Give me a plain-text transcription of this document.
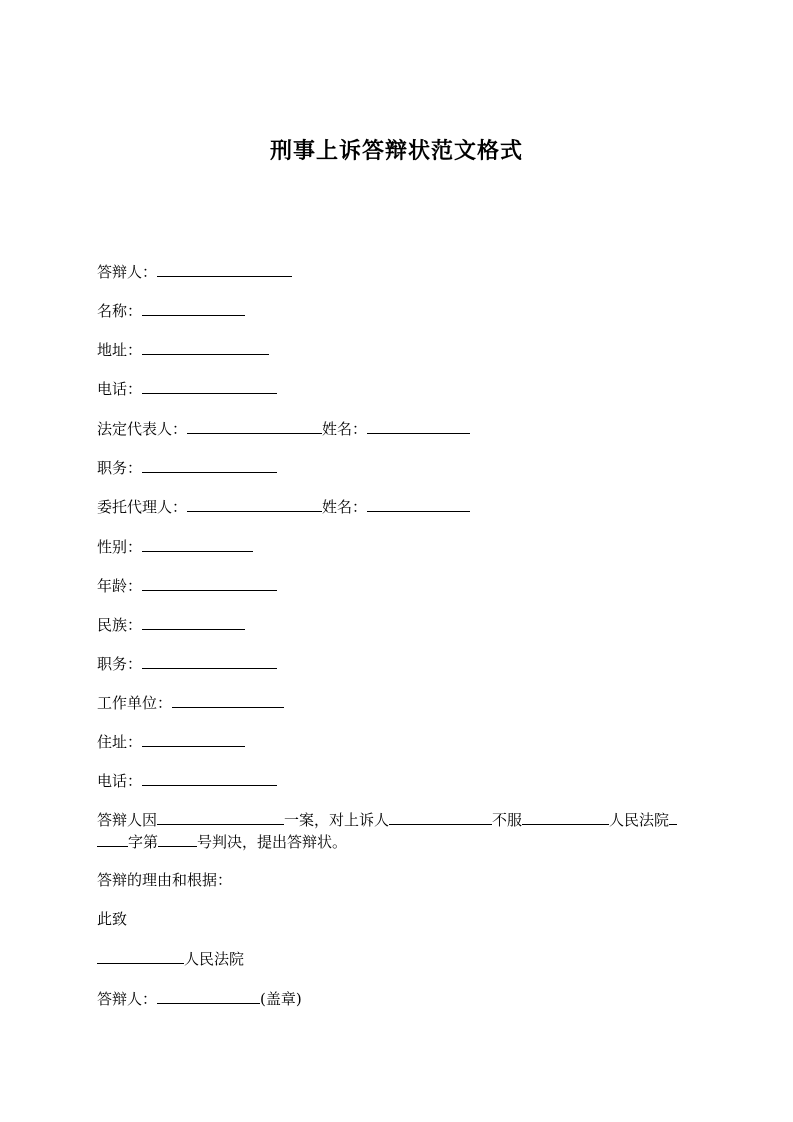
刑事上诉答辩状范文格式
答辩人：
名称：
地址：
电话：
法定代表人：	姓名：
职务：
委托代理人：	姓名：
性别：
年龄：
民族：
职务：
工作单位：
住址：
电话：
答辩人因	一案，对上诉人	不服	人民法院
字第	号判决，提出答辩状。
答辩的理由和根据：
此致
人民法院
答辩人：	(盖章)
